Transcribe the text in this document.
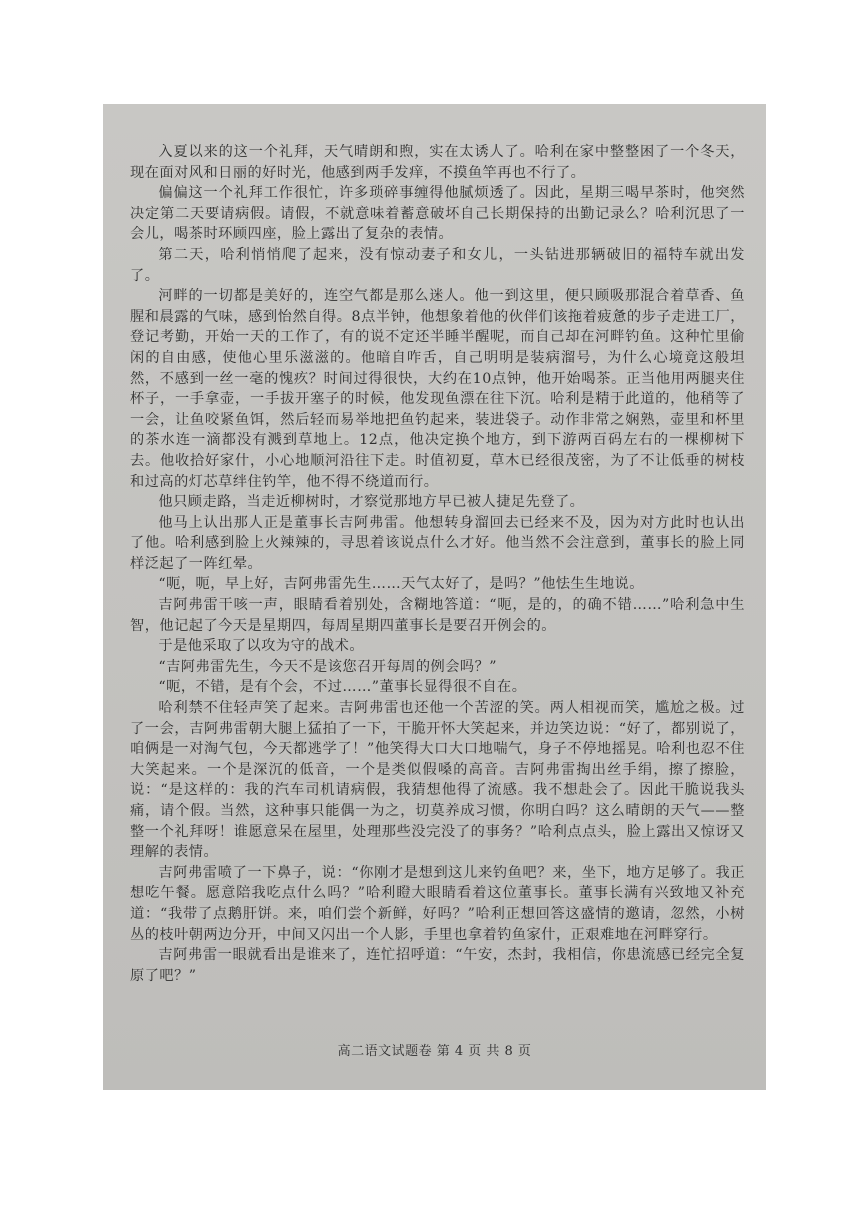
入夏以来的这一个礼拜，天气晴朗和煦，实在太诱人了。哈利在家中整整困了一个冬天，现在面对风和日丽的好时光，他感到两手发痒，不摸鱼竿再也不行了。

偏偏这一个礼拜工作很忙，许多琐碎事缠得他腻烦透了。因此，星期三喝早茶时，他突然决定第二天要请病假。请假，不就意味着蓄意破坏自己长期保持的出勤记录么？哈利沉思了一会儿，喝茶时环顾四座，脸上露出了复杂的表情。

第二天，哈利悄悄爬了起来，没有惊动妻子和女儿，一头钻进那辆破旧的福特车就出发了。

河畔的一切都是美好的，连空气都是那么迷人。他一到这里，便只顾吸那混合着草香、鱼腥和晨露的气味，感到怡然自得。8点半钟，他想象着他的伙伴们该拖着疲惫的步子走进工厂，登记考勤，开始一天的工作了，有的说不定还半睡半醒呢，而自己却在河畔钓鱼。这种忙里偷闲的自由感，使他心里乐滋滋的。他暗自咋舌，自己明明是装病溜号，为什么心境竟这般坦然，不感到一丝一毫的愧疚？时间过得很快，大约在10点钟，他开始喝茶。正当他用两腿夹住杯子，一手拿壶，一手拔开塞子的时候，他发现鱼漂在往下沉。哈利是精于此道的，他稍等了一会，让鱼咬紧鱼饵，然后轻而易举地把鱼钓起来，装进袋子。动作非常之娴熟，壶里和杯里的茶水连一滴都没有溅到草地上。12点，他决定换个地方，到下游两百码左右的一棵柳树下去。他收拾好家什，小心地顺河沿往下走。时值初夏，草木已经很茂密，为了不让低垂的树枝和过高的灯芯草绊住钓竿，他不得不绕道而行。

他只顾走路，当走近柳树时，才察觉那地方早已被人捷足先登了。

他马上认出那人正是董事长吉阿弗雷。他想转身溜回去已经来不及，因为对方此时也认出了他。哈利感到脸上火辣辣的，寻思着该说点什么才好。他当然不会注意到，董事长的脸上同样泛起了一阵红晕。

“呃，呃，早上好，吉阿弗雷先生……天气太好了，是吗？”他怯生生地说。

吉阿弗雷干咳一声，眼睛看着别处，含糊地答道：“呃，是的，的确不错……”哈利急中生智，他记起了今天是星期四，每周星期四董事长是要召开例会的。

于是他采取了以攻为守的战术。

“吉阿弗雷先生，今天不是该您召开每周的例会吗？”

“呃，不错，是有个会，不过……”董事长显得很不自在。

哈利禁不住轻声笑了起来。吉阿弗雷也还他一个苦涩的笑。两人相视而笑，尴尬之极。过了一会，吉阿弗雷朝大腿上猛拍了一下，干脆开怀大笑起来，并边笑边说：“好了，都别说了，咱俩是一对淘气包，今天都逃学了！”他笑得大口大口地喘气，身子不停地摇晃。哈利也忍不住大笑起来。一个是深沉的低音，一个是类似假嗓的高音。吉阿弗雷掏出丝手绢，擦了擦脸，说：“是这样的：我的汽车司机请病假，我猜想他得了流感。我不想赴会了。因此干脆说我头痛，请个假。当然，这种事只能偶一为之，切莫养成习惯，你明白吗？这么晴朗的天气——整整一个礼拜呀！谁愿意呆在屋里，处理那些没完没了的事务？”哈利点点头，脸上露出又惊讶又理解的表情。

吉阿弗雷喷了一下鼻子，说：“你刚才是想到这儿来钓鱼吧？来，坐下，地方足够了。我正想吃午餐。愿意陪我吃点什么吗？”哈利瞪大眼睛看着这位董事长。董事长满有兴致地又补充道：“我带了点鹅肝饼。来，咱们尝个新鲜，好吗？”哈利正想回答这盛情的邀请，忽然，小树丛的枝叶朝两边分开，中间又闪出一个人影，手里也拿着钓鱼家什，正艰难地在河畔穿行。

吉阿弗雷一眼就看出是谁来了，连忙招呼道：“午安，杰封，我相信，你患流感已经完全复原了吧？”

高二语文试题卷 第 4 页 共 8 页
